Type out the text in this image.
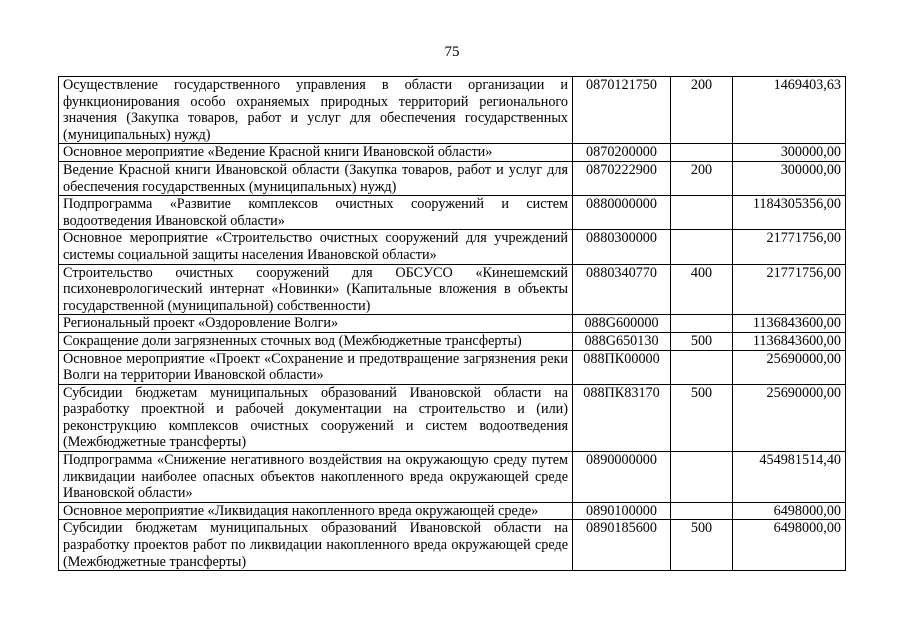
75
Осуществление государственного управления в области организации и функционирования особо охраняемых природных территорий регионального значения (Закупка товаров, работ и услуг для обеспечения государственных (муниципальных) нужд)	0870121750	200	1469403,63
Основное мероприятие «Ведение Красной книги Ивановской области»	0870200000		300000,00
Ведение Красной книги Ивановской области (Закупка товаров, работ и услуг для обеспечения государственных (муниципальных) нужд)	0870222900	200	300000,00
Подпрограмма «Развитие комплексов очистных сооружений и систем водоотведения Ивановской области»	0880000000		1184305356,00
Основное мероприятие «Строительство очистных сооружений для учреждений системы социальной защиты населения Ивановской области»	0880300000		21771756,00
Строительство очистных сооружений для ОБСУСО «Кинешемский психоневрологический интернат «Новинки» (Капитальные вложения в объекты государственной (муниципальной) собственности)	0880340770	400	21771756,00
Региональный проект «Оздоровление Волги»	088G600000		1136843600,00
Сокращение доли загрязненных сточных вод (Межбюджетные трансферты)	088G650130	500	1136843600,00
Основное мероприятие «Проект «Сохранение и предотвращение загрязнения реки Волги на территории Ивановской области»	088ПК00000		25690000,00
Субсидии бюджетам муниципальных образований Ивановской области на разработку проектной и рабочей документации на строительство и (или) реконструкцию комплексов очистных сооружений и систем водоотведения (Межбюджетные трансферты)	088ПК83170	500	25690000,00
Подпрограмма «Снижение негативного воздействия на окружающую среду путем ликвидации наиболее опасных объектов накопленного вреда окружающей среде Ивановской области»	0890000000		454981514,40
Основное мероприятие «Ликвидация накопленного вреда окружающей среде»	0890100000		6498000,00
Субсидии бюджетам муниципальных образований Ивановской области на разработку проектов работ по ликвидации накопленного вреда окружающей среде (Межбюджетные трансферты)	0890185600	500	6498000,00
